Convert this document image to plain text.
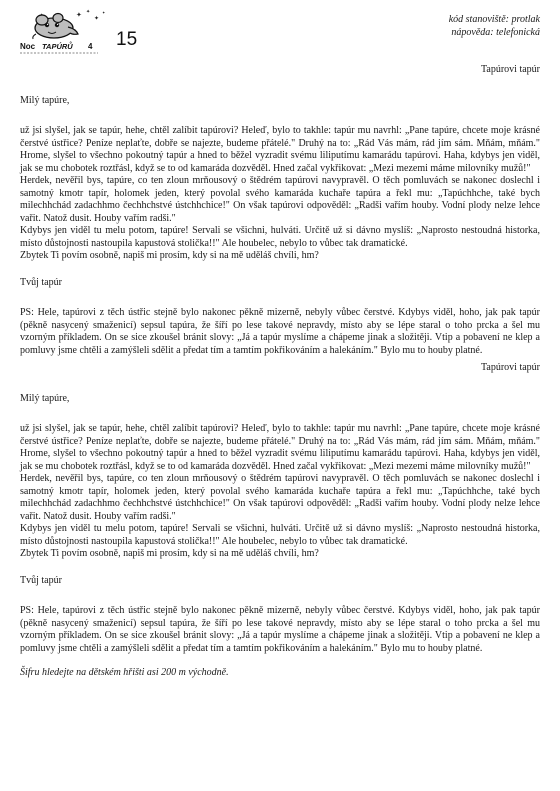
✦ ✦
✦
✦
Noc TAPÚRŮ 4 15
kód stanoviště: protlak
nápověda: telefonická

Tapúrovi tapúr

Milý tapúre,

už jsi slyšel, jak se tapúr, hehe, chtěl zalíbit tapúrovi? Heleď, bylo to takhle: tapúr mu navrhl: „Pane tapúre, chcete moje krásné čerstvé ústřice? Peníze neplaťte, dobře se najezte, budeme přátelé." Druhý na to: „Rád Vás mám, rád jím sám. Mňám, mňám." Hrome, slyšel to všechno pokoutný tapúr a hned to běžel vyzradit svému liliputímu kamarádu tapúrovi. Haha, kdybys jen viděl, jak se mu chobotek roztřásl, když se to od kamaráda dozvěděl. Hned začal vykřikovat: „Mezi mezemi máme milovníky mužů!"

Herdek, nevěřil bys, tapúre, co ten zloun mrňousový o štědrém tapúrovi navypravěl. O těch pomluvách se nakonec doslechl i samotný kmotr tapír, holomek jeden, který povolal svého kamaráda kuchaře tapúra a řekl mu: „Tapúchhche, také bych milechhchád zadachhmo čechhchstvé ústchhchice!" On však tapúrovi odpověděl: „Radši vařím houby. Vodní plody nelze lehce vařit. Natož dusit. Houby vařím radši."

Kdybys jen viděl tu melu potom, tapúre! Servali se všichni, hulváti. Určitě už si dávno myslíš: „Naprosto nestoudná historka, místo důstojnosti nastoupila kapustová stolička!!" Ale houbelec, nebylo to vůbec tak dramatické.

Zbytek Ti povím osobně, napiš mi prosím, kdy si na mě uděláš chvíli, hm?

Tvůj tapúr

PS: Hele, tapúrovi z těch ústřic stejně bylo nakonec pěkně mizerně, nebyly vůbec čerstvé. Kdybys viděl, hoho, jak pak tapúr (pěkně nasycený smaženicí) sepsul tapúra, že šíří po lese takové nepravdy, místo aby se lépe staral o toho prcka a šel mu vzorným příkladem. On se sice zkoušel bránit slovy: „Já a tapúr myslíme a chápeme jinak a složitěji. Vtip a pobavení ne klep a pomluvy jsme chtěli a zamýšleli sdělit a předat tím a tamtím pokřikováním a halekáním." Bylo mu to houby platné.

Tapúrovi tapúr

Milý tapúre,

už jsi slyšel, jak se tapúr, hehe, chtěl zalíbit tapúrovi? Heleď, bylo to takhle: tapúr mu navrhl: „Pane tapúre, chcete moje krásné čerstvé ústřice? Peníze neplaťte, dobře se najezte, budeme přátelé." Druhý na to: „Rád Vás mám, rád jím sám. Mňám, mňám." Hrome, slyšel to všechno pokoutný tapúr a hned to běžel vyzradit svému liliputímu kamarádu tapúrovi. Haha, kdybys jen viděl, jak se mu chobotek roztřásl, když se to od kamaráda dozvěděl. Hned začal vykřikovat: „Mezi mezemi máme milovníky mužů!"

Herdek, nevěřil bys, tapúre, co ten zloun mrňousový o štědrém tapúrovi navypravěl. O těch pomluvách se nakonec doslechl i samotný kmotr tapír, holomek jeden, který povolal svého kamaráda kuchaře tapúra a řekl mu: „Tapúchhche, také bych milechhchád zadachhmo čechhchstvé ústchhchice!" On však tapúrovi odpověděl: „Radši vařím houby. Vodní plody nelze lehce vařit. Natož dusit. Houby vařím radši."

Kdybys jen viděl tu melu potom, tapúre! Servali se všichni, hulváti. Určitě už si dávno myslíš: „Naprosto nestoudná historka, místo důstojnosti nastoupila kapustová stolička!!" Ale houbelec, nebylo to vůbec tak dramatické.

Zbytek Ti povím osobně, napiš mi prosím, kdy si na mě uděláš chvíli, hm?

Tvůj tapúr

PS: Hele, tapúrovi z těch ústřic stejně bylo nakonec pěkně mizerně, nebyly vůbec čerstvé. Kdybys viděl, hoho, jak pak tapúr (pěkně nasycený smaženicí) sepsul tapúra, že šíří po lese takové nepravdy, místo aby se lépe staral o toho prcka a šel mu vzorným příkladem. On se sice zkoušel bránit slovy: „Já a tapúr myslíme a chápeme jinak a složitěji. Vtip a pobavení ne klep a pomluvy jsme chtěli a zamýšleli sdělit a předat tím a tamtím pokřikováním a halekáním." Bylo mu to houby platné.

Šifru hledejte na dětském hřišti asi 200 m východně.
